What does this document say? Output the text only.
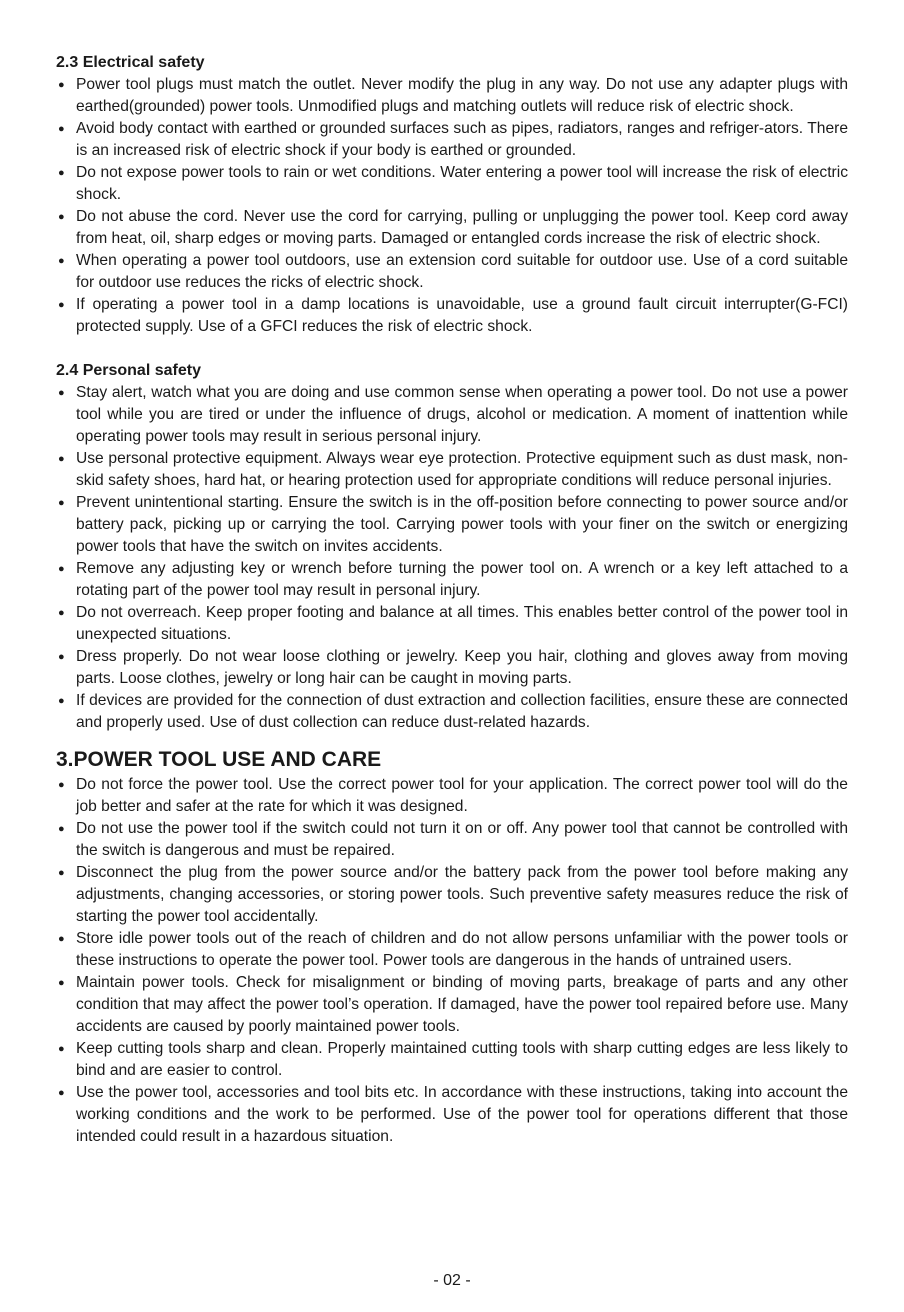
2.3 Electrical safety
● Power tool plugs must match the outlet. Never modify the plug in any way. Do not use any adapter plugs with earthed(grounded) power tools. Unmodified plugs and matching outlets will reduce risk of electric shock.
● Avoid body contact with earthed or grounded surfaces such as pipes, radiators, ranges and refriger-ators. There is an increased risk of electric shock if your body is earthed or grounded.
● Do not expose power tools to rain or wet conditions. Water entering a power tool will increase the risk of electric shock.
● Do not abuse the cord. Never use the cord for carrying, pulling or unplugging the power tool. Keep cord away from heat, oil, sharp edges or moving parts. Damaged or entangled cords increase the risk of electric shock.
● When operating a power tool outdoors, use an extension cord suitable for outdoor use. Use of a cord suitable for outdoor use reduces the ricks of electric shock.
● If operating a power tool in a damp locations is unavoidable, use a ground fault circuit interrupter(G-FCI) protected supply. Use of a GFCI reduces the risk of electric shock.
2.4 Personal safety
● Stay alert, watch what you are doing and use common sense when operating a power tool. Do not use a power tool while you are tired or under the influence of drugs, alcohol or medication. A moment of inattention while operating power tools may result in serious personal injury.
● Use personal protective equipment. Always wear eye protection. Protective equipment such as dust mask, non-skid safety shoes, hard hat, or hearing protection used for appropriate conditions will reduce personal injuries.
● Prevent unintentional starting. Ensure the switch is in the off-position before connecting to power source and/or battery pack, picking up or carrying the tool. Carrying power tools with your finer on the switch or energizing power tools that have the switch on invites accidents.
● Remove any adjusting key or wrench before turning the power tool on. A wrench or a key left attached to a rotating part of the power tool may result in personal injury.
● Do not overreach. Keep proper footing and balance at all times. This enables better control of the power tool in unexpected situations.
● Dress properly. Do not wear loose clothing or jewelry. Keep you hair, clothing and gloves away from moving parts. Loose clothes, jewelry or long hair can be caught in moving parts.
● If devices are provided for the connection of dust extraction and collection facilities, ensure these are connected and properly used. Use of dust collection can reduce dust-related hazards.
3.POWER TOOL USE AND CARE
● Do not force the power tool. Use the correct power tool for your application. The correct power tool will do the job better and safer at the rate for which it was designed.
● Do not use the power tool if the switch could not turn it on or off. Any power tool that cannot be controlled with the switch is dangerous and must be repaired.
● Disconnect the plug from the power source and/or the battery pack from the power tool before making any adjustments, changing accessories, or storing power tools. Such preventive safety measures reduce the risk of starting the power tool accidentally.
● Store idle power tools out of the reach of children and do not allow persons unfamiliar with the power tools or these instructions to operate the power tool. Power tools are dangerous in the hands of untrained users.
● Maintain power tools. Check for misalignment or binding of moving parts, breakage of parts and any other condition that may affect the power tool’s operation. If damaged, have the power tool repaired before use. Many accidents are caused by poorly maintained power tools.
● Keep cutting tools sharp and clean. Properly maintained cutting tools with sharp cutting edges are less likely to bind and are easier to control.
● Use the power tool, accessories and tool bits etc. In accordance with these instructions, taking into account the working conditions and the work to be performed. Use of the power tool for operations different that those intended could result in a hazardous situation.
- 02 -
